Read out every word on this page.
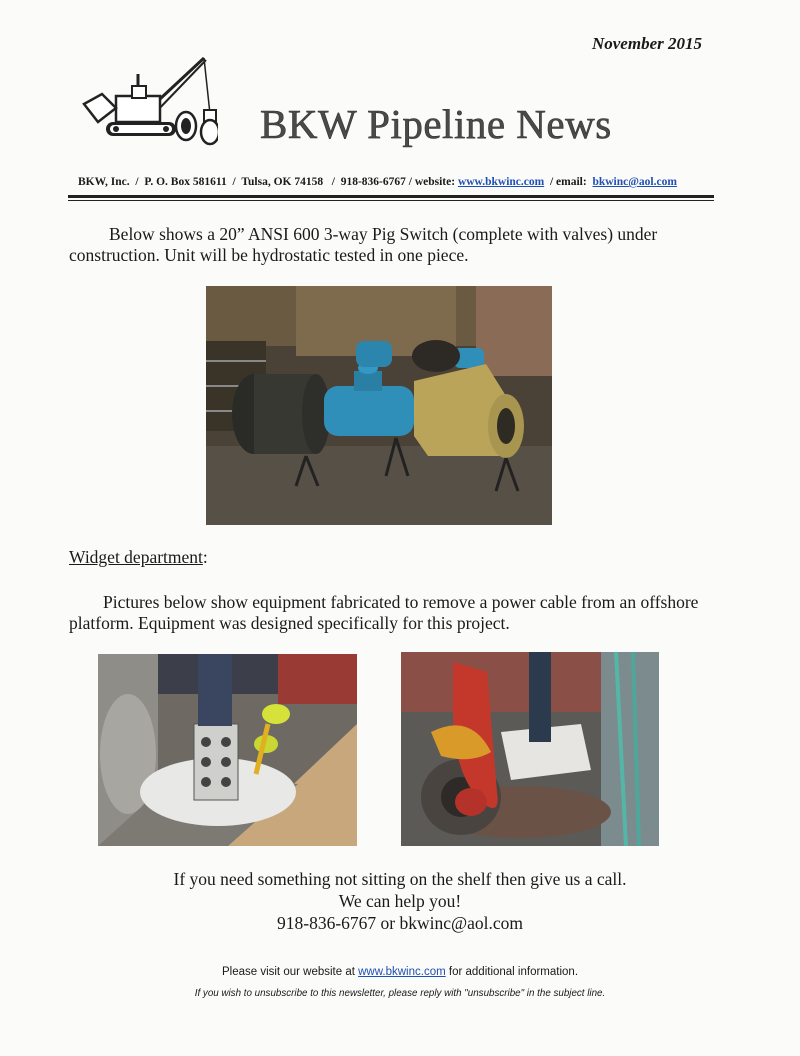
November 2015
BKW Pipeline News
BKW, Inc.  /  P. O. Box 581611  /  Tulsa, OK 74158   /  918-836-6767 / website: www.bkwinc.com  / email: bkwinc@aol.com
Below shows a 20” ANSI 600 3-way Pig Switch (complete with valves) under construction. Unit will be hydrostatic tested in one piece.
Widget department:
Pictures below show equipment fabricated to remove a power cable from an offshore platform. Equipment was designed specifically for this project.
If you need something not sitting on the shelf then give us a call.
We can help you!
918-836-6767 or bkwinc@aol.com
Please visit our website at www.bkwinc.com for additional information.
If you wish to unsubscribe to this newsletter, please reply with "unsubscribe" in the subject line.
